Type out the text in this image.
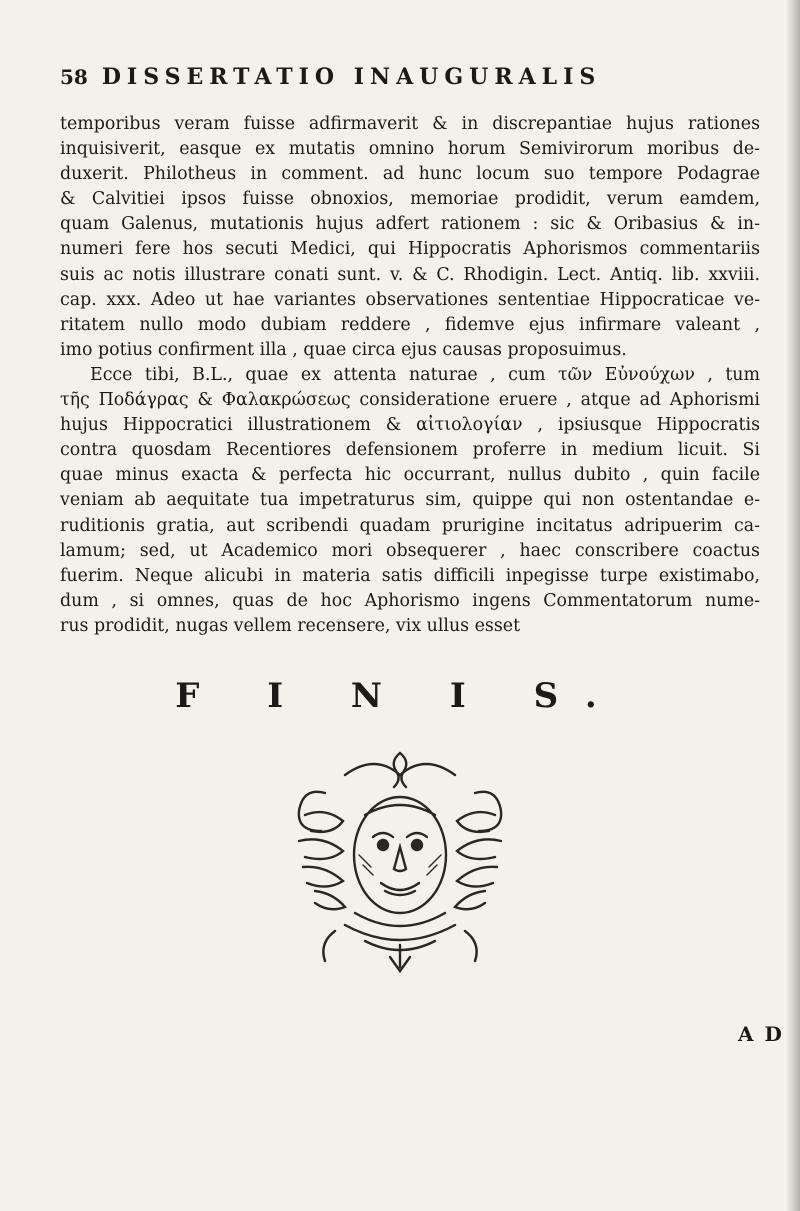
58 DISSERTATIO INAUGURALIS
temporibus veram fuisse adfirmaverit & in discrepantiae hujus rationes
inquisiverit, easque ex mutatis omnino horum Semivirorum moribus de-
duxerit. Philotheus in comment. ad hunc locum suo tempore Podagrae
& Calvitiei ipsos fuisse obnoxios, memoriae prodidit, verum eamdem,
quam Galenus, mutationis hujus adfert rationem : sic & Oribasius & in-
numeri fere hos secuti Medici, qui Hippocratis Aphorismos commentariis
suis ac notis illustrare conati sunt. v. & C. Rhodigin. Lect. Antiq. lib. xxviii.
cap. xxx. Adeo ut hae variantes observationes sententiae Hippocraticae ve-
ritatem nullo modo dubiam reddere , fidemve ejus infirmare valeant ,
imo potius confirment illa , quae circa ejus causas proposuimus.
Ecce tibi, B.L., quae ex attenta naturae , cum τῶν Εὐνούχων , tum
τῆς Ποδάγρας & Φαλακρώσεως consideratione eruere , atque ad Aphorismi
hujus Hippocratici illustrationem & αἰτιολογίαν , ipsiusque Hippocratis
contra quosdam Recentiores defensionem proferre in medium licuit. Si
quae minus exacta & perfecta hic occurrant, nullus dubito , quin facile
veniam ab aequitate tua impetraturus sim, quippe qui non ostentandae e-
ruditionis gratia, aut scribendi quadam prurigine incitatus adripuerim ca-
lamum; sed, ut Academico mori obsequerer , haec conscribere coactus
fuerim. Neque alicubi in materia satis difficili inpegisse turpe existimabo,
dum , si omnes, quas de hoc Aphorismo ingens Commentatorum nume-
rus prodidit, nugas vellem recensere, vix ullus esset
F I N I S.
A D
